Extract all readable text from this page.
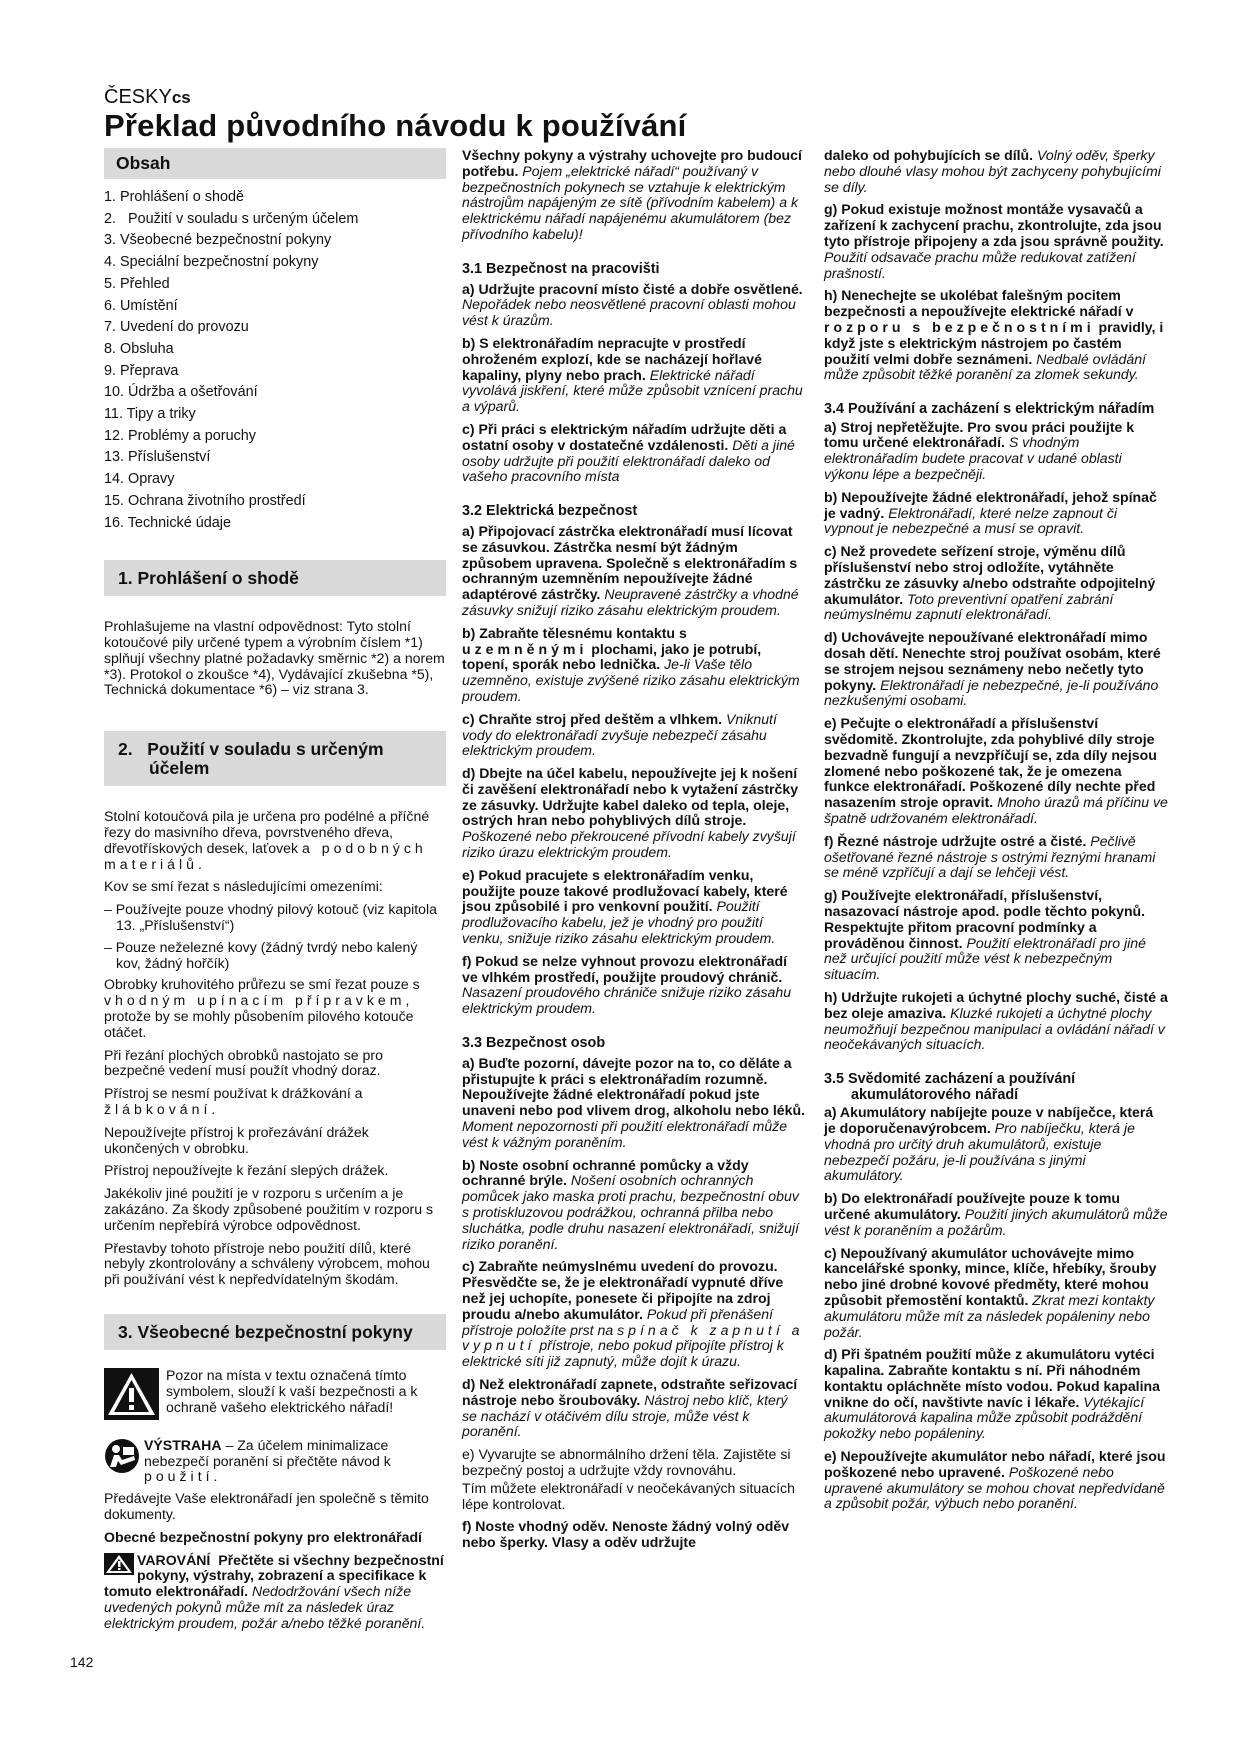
ČESKYcs
Překlad původního návodu k používání
Obsah
1. Prohlášení o shodě
2.   Použití v souladu s určeným účelem
3. Všeobecné bezpečnostní pokyny
4. Speciální bezpečnostní pokyny
5. Přehled
6. Umístění
7. Uvedení do provozu
8. Obsluha
9. Přeprava
10. Údržba a ošetřování
11. Tipy a triky
12. Problémy a poruchy
13. Příslušenství
14. Opravy
15. Ochrana životního prostředí
16. Technické údaje
1. Prohlášení o shodě

Prohlašujeme na vlastní odpovědnost: Tyto stolní kotoučové pily určené typem a výrobním číslem *1) splňují všechny platné požadavky směrnic *2) a norem *3). Protokol o zkoušce *4), Vydávající zkušebna *5), Technická dokumentace *6) – viz strana 3.

2. Použití v souladu s určeným účelem

Stolní kotoučová pila je určena pro podélné a příčné řezy do masivního dřeva, povrstveného dřeva, dřevotřískových desek, laťovek a podobných materiálů.

Kov se smí řezat s následujícími omezeními:

– Používejte pouze vhodný pilový kotouč (viz kapitola 13. „Příslušenství“)

– Pouze neželezné kovy (žádný tvrdý nebo kalený kov, žádný hořčík)

Obrobky kruhovitého průřezu se smí řezat pouze s vhodným upínacím přípravkem, protože by se mohly působením pilového kotouče otáčet.

Při řezání plochých obrobků nastojato se pro bezpečné vedení musí použít vhodný doraz.

Přístroj se nesmí používat k drážkování a žlábkování.

Nepoužívejte přístroj k prořezávání drážek ukončených v obrobku.

Přístroj nepoužívejte k řezání slepých drážek.

Jakékoliv jiné použití je v rozporu s určením a je zakázáno. Za škody způsobené použitím v rozporu s určením nepřebírá výrobce odpovědnost.

Přestavby tohoto přístroje nebo použití dílů, které nebyly zkontrolovány a schváleny výrobcem, mohou při používání vést k nepředvídatelným škodám.

3. Všeobecné bezpečnostní pokyny

Pozor na místa v textu označená tímto symbolem, slouží k vaší bezpečnosti a k ochraně vašeho elektrického nářadí!

VÝSTRAHA – Za účelem minimalizace nebezpečí poranění si přečtěte návod k použití.

Předávejte Vaše elektronářadí jen společně s těmito dokumenty.

Obecné bezpečnostní pokyny pro elektronářadí

VAROVÁNÍ Přečtěte si všechny bezpečnostní pokyny, výstrahy, zobrazení a specifikace k tomuto elektronářadí. Nedodržování všech níže uvedených pokynů může mít za následek úraz elektrickým proudem, požár a/nebo těžké poranění.

Všechny pokyny a výstrahy uchovejte pro budoucí potřebu. Pojem „elektrické nářadí“ používaný v bezpečnostních pokynech se vztahuje k elektrickým nástrojům napájeným ze sítě (přívodním kabelem) a k elektrickému nářadí napájenému akumulátorem (bez přívodního kabelu)!

3.1 Bezpečnost na pracovišti

a) Udržujte pracovní místo čisté a dobře osvětlené. Nepořádek nebo neosvětlené pracovní oblasti mohou vést k úrazům.

b) S elektronářadím nepracujte v prostředí ohroženém explozí, kde se nacházejí hořlavé kapaliny, plyny nebo prach. Elektrické nářadí vyvolává jiskření, které může způsobit vznícení prachu a výparů.

c) Při práci s elektrickým nářadím udržujte děti a ostatní osoby v dostatečné vzdálenosti. Děti a jiné osoby udržujte při použití elektronářadí daleko od vašeho pracovního místa

3.2 Elektrická bezpečnost

a) Připojovací zástrčka elektronářadí musí lícovat se zásuvkou. Zástrčka nesmí být žádným způsobem upravena. Společně s elektronářadím s ochranným uzemněním nepoužívejte žádné adaptérové zástrčky. Neupravené zástrčky a vhodné zásuvky snižují riziko zásahu elektrickým proudem.

b) Zabraňte tělesnému kontaktu s uzemněnými plochami, jako je potrubí, topení, sporák nebo lednička. Je-li Vaše tělo uzemněno, existuje zvýšené riziko zásahu elektrickým proudem.

c) Chraňte stroj před deštěm a vlhkem. Vniknutí vody do elektronářadí zvyšuje nebezpečí zásahu elektrickým proudem.

d) Dbejte na účel kabelu, nepoužívejte jej k nošení či zavěšení elektronářadí nebo k vytažení zástrčky ze zásuvky. Udržujte kabel daleko od tepla, oleje, ostrých hran nebo pohyblivých dílů stroje. Poškozené nebo překroucené přívodní kabely zvyšují riziko úrazu elektrickým proudem.

e) Pokud pracujete s elektronářadím venku, použijte pouze takové prodlužovací kabely, které jsou způsobilé i pro venkovní použití. Použití prodlužovacího kabelu, jež je vhodný pro použití venku, snižuje riziko zásahu elektrickým proudem.

f) Pokud se nelze vyhnout provozu elektronářadí ve vlhkém prostředí, použijte proudový chránič. Nasazení proudového chrániče snižuje riziko zásahu elektrickým proudem.

3.3 Bezpečnost osob

a) Buďte pozorní, dávejte pozor na to, co děláte a přistupujte k práci s elektronářadím rozumně. Nepoužívejte žádné elektronářadí pokud jste unaveni nebo pod vlivem drog, alkoholu nebo léků. Moment nepozornosti při použití elektronářadí může vést k vážným poraněním.

b) Noste osobní ochranné pomůcky a vždy ochranné brýle. Nošení osobních ochranných pomůcek jako maska proti prachu, bezpečnostní obuv s protiskluzovou podrážkou, ochranná přilba nebo sluchátka, podle druhu nasazení elektronářadí, snižují riziko poranění.

c) Zabraňte neúmyslnému uvedení do provozu. Přesvědčte se, že je elektronářadí vypnuté dříve než jej uchopíte, ponesete či připojíte na zdroj proudu a/nebo akumulátor. Pokud při přenášení přístroje položíte prst na spínač k zapnutí a vypnutí přístroje, nebo pokud připojíte přístroj k elektrické síti již zapnutý, může dojít k úrazu.

d) Než elektronářadí zapnete, odstraňte seřizovací nástroje nebo šroubováky. Nástroj nebo klíč, který se nachází v otáčivém dílu stroje, může vést k poranění.

e) Vyvarujte se abnormálního držení těla. Zajistěte si bezpečný postoj a udržujte vždy rovnováhu.

Tím můžete elektronářadí v neočekávaných situacích lépe kontrolovat.

f) Noste vhodný oděv. Nenoste žádný volný oděv nebo šperky. Vlasy a oděv udržujte

daleko od pohybujících se dílů. Volný oděv, šperky nebo dlouhé vlasy mohou být zachyceny pohybujícími se díly.

g) Pokud existuje možnost montáže vysavačů a zařízení k zachycení prachu, zkontrolujte, zda jsou tyto přístroje připojeny a zda jsou správně použity. Použití odsavače prachu může redukovat zatížení prašností.

h) Nenechejte se ukolébat falešným pocitem bezpečnosti a nepoužívejte elektrické nářadí v rozporu s bezpečnostními pravidly, i když jste s elektrickým nástrojem po častém použití velmi dobře seznámeni. Nedbalé ovládání může způsobit těžké poranění za zlomek sekundy.

3.4 Používání a zacházení s elektrickým nářadím

a) Stroj nepřetěžujte. Pro svou práci použijte k tomu určené elektronářadí. S vhodným elektronářadím budete pracovat v udané oblasti výkonu lépe a bezpečněji.

b) Nepoužívejte žádné elektronářadí, jehož spínač je vadný. Elektronářadí, které nelze zapnout či vypnout je nebezpečné a musí se opravit.

c) Než provedete seřízení stroje, výměnu dílů příslušenství nebo stroj odložíte, vytáhněte zástrčku ze zásuvky a/nebo odstraňte odpojitelný akumulátor. Toto preventivní opatření zabrání neúmyslnému zapnutí elektronářadí.

d) Uchovávejte nepoužívané elektronářadí mimo dosah dětí. Nenechte stroj používat osobám, které se strojem nejsou seznámeny nebo nečetly tyto pokyny. Elektronářadí je nebezpečné, je-li používáno nezkušenými osobami.

e) Pečujte o elektronářadí a příslušenství svědomitě. Zkontrolujte, zda pohyblivé díly stroje bezvadně fungují a nevzpříčují se, zda díly nejsou zlomené nebo poškozené tak, že je omezena funkce elektronářadí. Poškozené díly nechte před nasazením stroje opravit. Mnoho úrazů má příčinu ve špatně udržovaném elektronářadí.

f) Řezné nástroje udržujte ostré a čisté. Pečlivě ošetřované řezné nástroje s ostrými řeznými hranami se méně vzpříčují a dají se lehčeji vést.

g) Používejte elektronářadí, příslušenství, nasazovací nástroje apod. podle těchto pokynů. Respektujte přitom pracovní podmínky a prováděnou činnost. Použití elektronářadí pro jiné než určující použití může vést k nebezpečným situacím.

h) Udržujte rukojeti a úchytné plochy suché, čisté a bez oleje amaziva. Kluzké rukojeti a úchytné plochy neumožňují bezpečnou manipulaci a ovládání nářadí v neočekávaných situacích.

3.5 Svědomité zacházení a používání akumulátorového nářadí

a) Akumulátory nabíjejte pouze v nabíječce, která je doporučenavýrobcem. Pro nabíječku, která je vhodná pro určitý druh akumulátorů, existuje nebezpečí požáru, je-li používána s jinými akumulátory.

b) Do elektronářadí používejte pouze k tomu určené akumulátory. Použití jiných akumulátorů může vést k poraněním a požárům.

c) Nepoužívaný akumulátor uchovávejte mimo kancelářské sponky, mince, klíče, hřebíky, šrouby nebo jiné drobné kovové předměty, které mohou způsobit přemostění kontaktů. Zkrat mezi kontakty akumulátoru může mít za následek popáleniny nebo požár.

d) Při špatném použití může z akumulátoru vytéci kapalina. Zabraňte kontaktu s ní. Při náhodném kontaktu opláchněte místo vodou. Pokud kapalina vnikne do očí, navštivte navíc i lékaře. Vytékající akumulátorová kapalina může způsobit podráždění pokožky nebo popáleniny.

e) Nepoužívejte akumulátor nebo nářadí, které jsou poškozené nebo upravené. Poškozené nebo upravené akumulátory se mohou chovat nepředvídaně a způsobit požár, výbuch nebo poranění.

142
